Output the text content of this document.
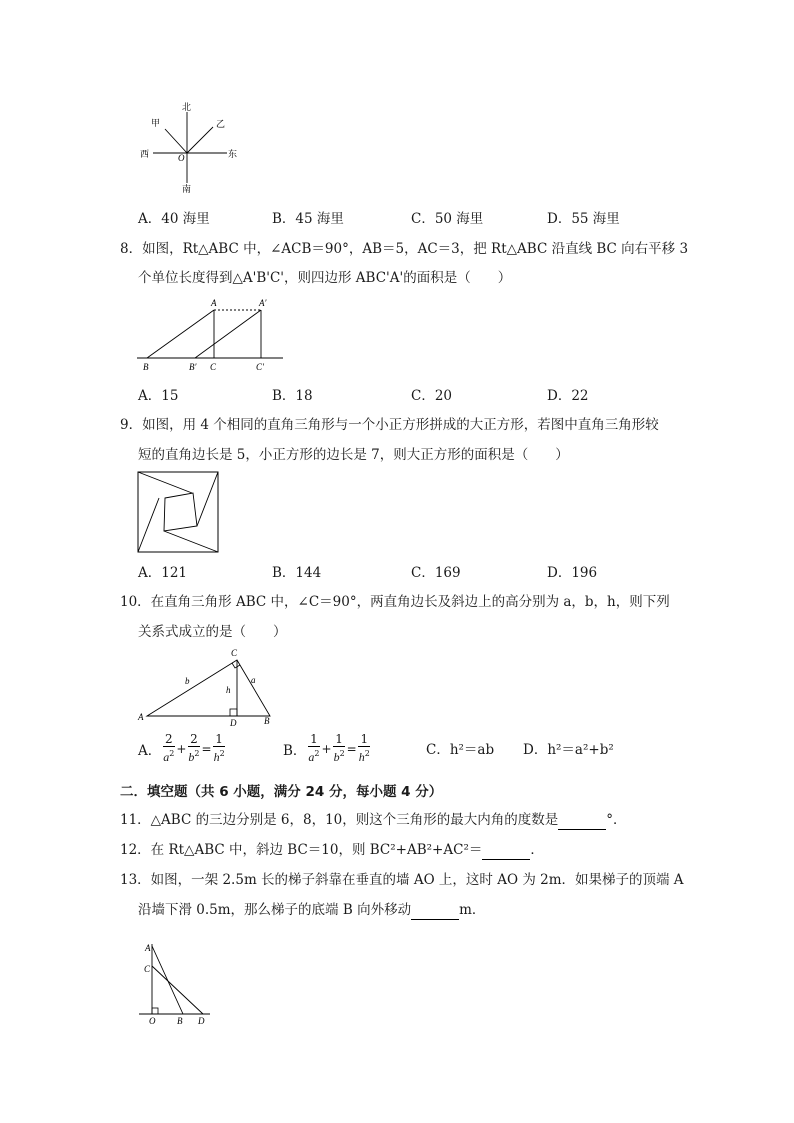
北
南
东
西
甲	乙
O
A．40 海里	B．45 海里	C．50 海里	D．55 海里
8．如图，Rt△ABC 中，∠ACB＝90°，AB＝5，AC＝3，把 Rt△ABC 沿直线 BC 向右平移 3
个单位长度得到△A'B'C'，则四边形 ABC'A'的面积是（　　）
A	A′
B	B′ C	C′
A．15	B．18	C．20	D．22
9．如图，用 4 个相同的直角三角形与一个小正方形拼成的大正方形，若图中直角三角形较
短的直角边长是 5，小正方形的边长是 7，则大正方形的面积是（　　）
A．121	B．144	C．169	D．196
10．在直角三角形 ABC 中，∠C＝90°，两直角边长及斜边上的高分别为 a，b，h，则下列
关系式成立的是（　　）
C
A	B
D
b	a
h
A． $\frac{2}{a^2} + \frac{2}{b^2} = \frac{1}{h^2}$	B． $\frac{1}{a^2} + \frac{1}{b^2} = \frac{1}{h^2}$	C．h²＝ab D．h²＝a²+b²
二．填空题（共 6 小题，满分 24 分，每小题 4 分）
11．△ABC 的三边分别是 6，8，10，则这个三角形的最大内角的度数是	°．
12．在 Rt△ABC 中，斜边 BC＝10，则 BC²+AB²+AC²＝	．
13．如图，一架 2.5m 长的梯子斜靠在垂直的墙 AO 上，这时 AO 为 2m．如果梯子的顶端 A
沿墙下滑 0.5m，那么梯子的底端 B 向外移动	m．
A
C
O B D
